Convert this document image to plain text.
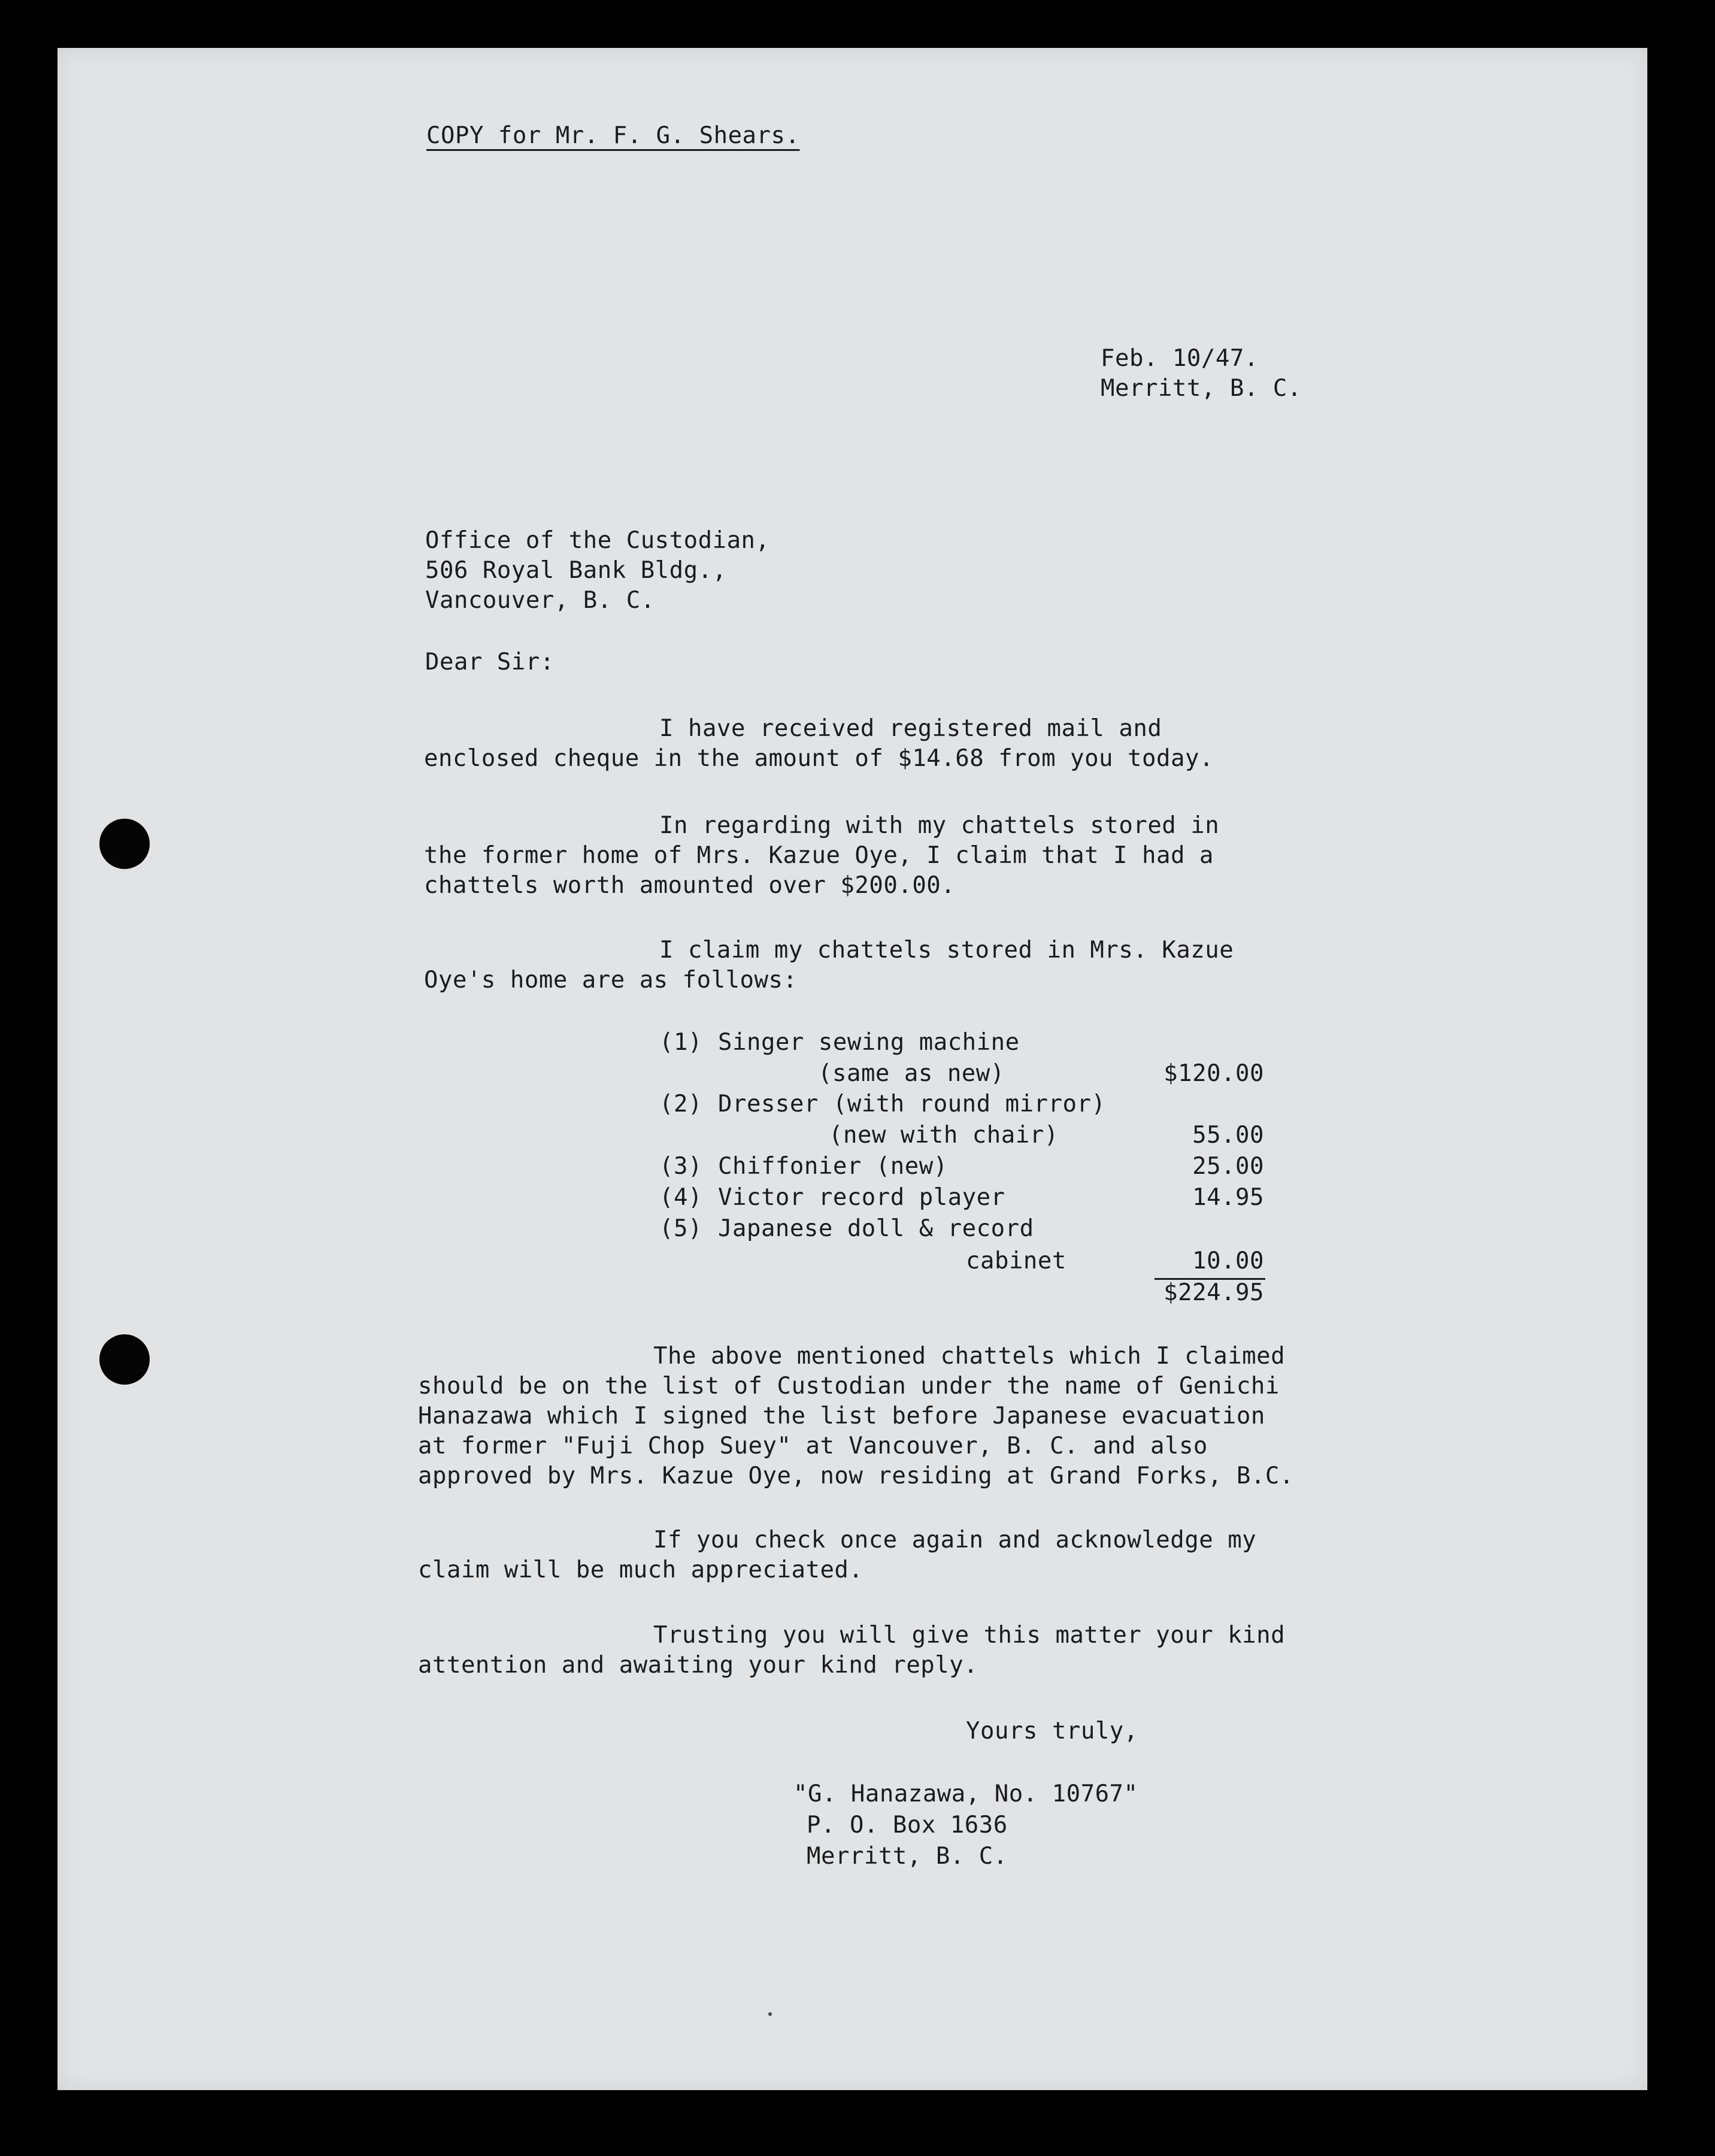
COPY for Mr. F. G. Shears.
Feb. 10/47.
Merritt, B. C.
Office of the Custodian,
506 Royal Bank Bldg.,
Vancouver, B. C.
Dear Sir:
I have received registered mail and
enclosed cheque in the amount of $14.68 from you today.
In regarding with my chattels stored in
the former home of Mrs. Kazue Oye, I claim that I had a
chattels worth amounted over $200.00.
I claim my chattels stored in Mrs. Kazue
Oye's home are as follows:
(1) Singer sewing machine
(same as new)	$120.00
(2) Dresser (with round mirror)
(new with chair)	55.00
(3) Chiffonier (new)	25.00
(4) Victor record player	14.95
(5) Japanese doll & record
cabinet	10.00
$224.95
The above mentioned chattels which I claimed
should be on the list of Custodian under the name of Genichi
Hanazawa which I signed the list before Japanese evacuation
at former "Fuji Chop Suey" at Vancouver, B. C. and also
approved by Mrs. Kazue Oye, now residing at Grand Forks, B.C.
If you check once again and acknowledge my
claim will be much appreciated.
Trusting you will give this matter your kind
attention and awaiting your kind reply.
Yours truly,
"G. Hanazawa, No. 10767"
P. O. Box 1636
Merritt, B. C.
